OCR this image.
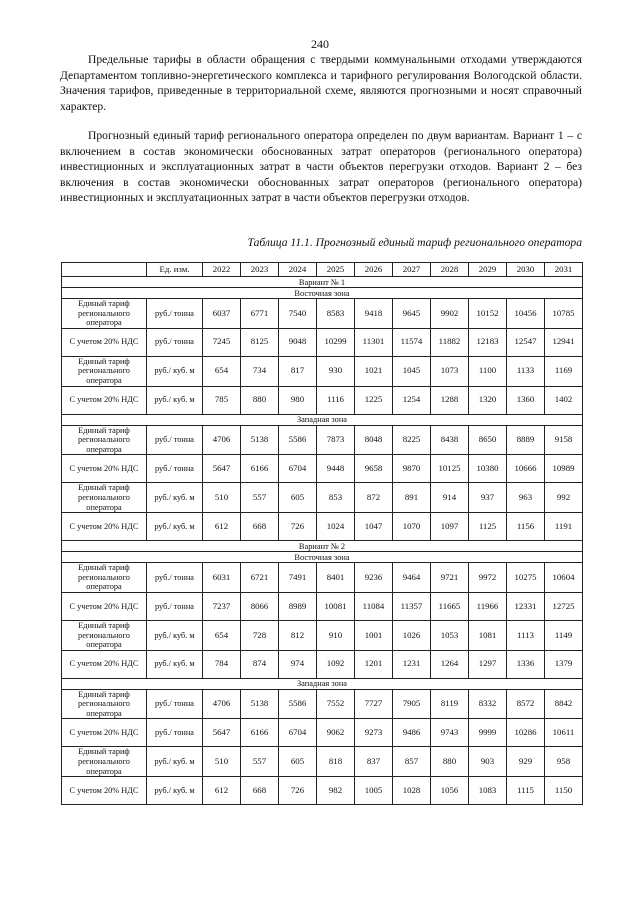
240

Предельные тарифы в области обращения с твердыми коммунальными отходами утверждаются Департаментом топливно-энергетического комплекса и тарифного регулирования Вологодской области. Значения тарифов, приведенные в территориальной схеме, являются прогнозными и носят справочный характер.

Прогнозный единый тариф регионального оператора определен по двум вариантам. Вариант 1 – с включением в состав экономически обоснованных затрат операторов (регионального оператора) инвестиционных и эксплуатационных затрат в части объектов перегрузки отходов. Вариант 2 – без включения в состав экономически обоснованных затрат операторов (регионального оператора) инвестиционных и эксплуатационных затрат в части объектов перегрузки отходов.

Таблица 11.1. Прогнозный единый тариф регионального оператора
	Ед. изм.	2022	2023	2024	2025	2026	2027	2028	2029	2030	2031
Вариант № 1											
Восточная зона											
Единый тариф регионального оператора	руб./ тонна	6037	6771	7540	8583	9418	9645	9902	10152	10456	10785
С учетом 20% НДС	руб./ тонна	7245	8125	9048	10299	11301	11574	11882	12183	12547	12941
Единый тариф регионального оператора	руб./ куб. м	654	734	817	930	1021	1045	1073	1100	1133	1169
С учетом 20% НДС	руб./ куб. м	785	880	980	1116	1225	1254	1288	1320	1360	1402
Западная зона											
Единый тариф регионального оператора	руб./ тонна	4706	5138	5586	7873	8048	8225	8438	8650	8889	9158
С учетом 20% НДС	руб./ тонна	5647	6166	6704	9448	9658	9870	10125	10380	10666	10989
Единый тариф регионального оператора	руб./ куб. м	510	557	605	853	872	891	914	937	963	992
С учетом 20% НДС	руб./ куб. м	612	668	726	1024	1047	1070	1097	1125	1156	1191
Вариант № 2											
Восточная зона											
Единый тариф регионального оператора	руб./ тонна	6031	6721	7491	8401	9236	9464	9721	9972	10275	10604
С учетом 20% НДС	руб./ тонна	7237	8066	8989	10081	11084	11357	11665	11966	12331	12725
Единый тариф регионального оператора	руб./ куб. м	654	728	812	910	1001	1026	1053	1081	1113	1149
С учетом 20% НДС	руб./ куб. м	784	874	974	1092	1201	1231	1264	1297	1336	1379
Западная зона											
Единый тариф регионального оператора	руб./ тонна	4706	5138	5586	7552	7727	7905	8119	8332	8572	8842
С учетом 20% НДС	руб./ тонна	5647	6166	6704	9062	9273	9486	9743	9999	10286	10611
Единый тариф регионального оператора	руб./ куб. м	510	557	605	818	837	857	880	903	929	958
С учетом 20% НДС	руб./ куб. м	612	668	726	982	1005	1028	1056	1083	1115	1150
